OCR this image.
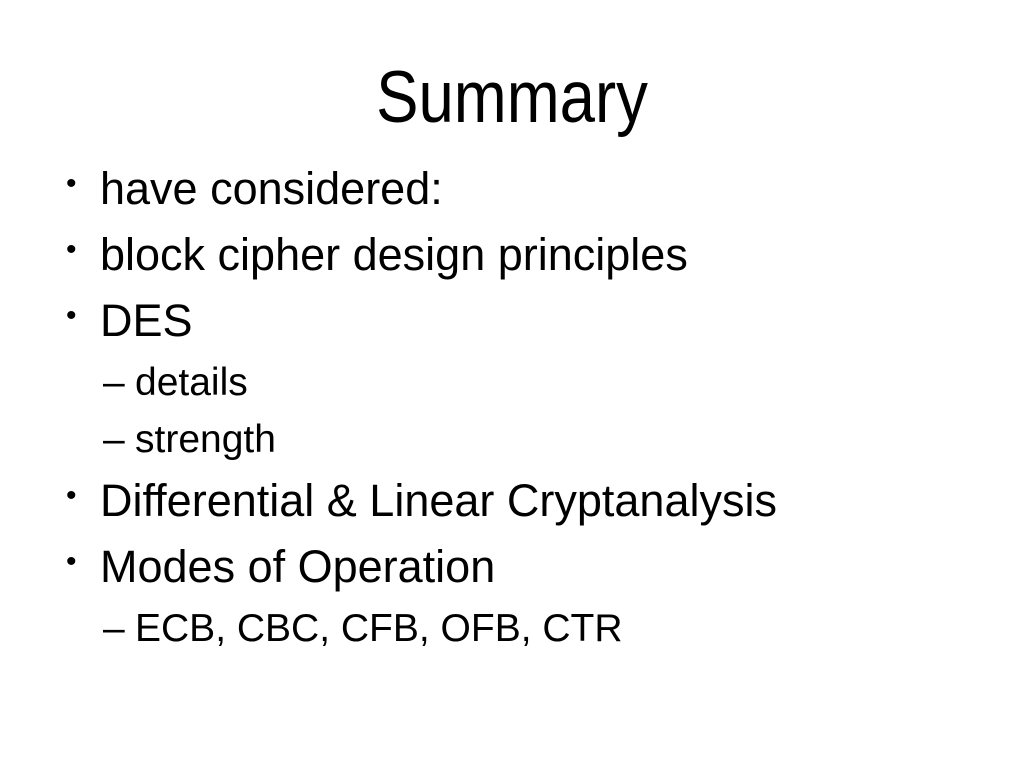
Summary
• have considered:
• block cipher design principles
• DES
– details
– strength
• Differential & Linear Cryptanalysis
• Modes of Operation
– ECB, CBC, CFB, OFB, CTR
